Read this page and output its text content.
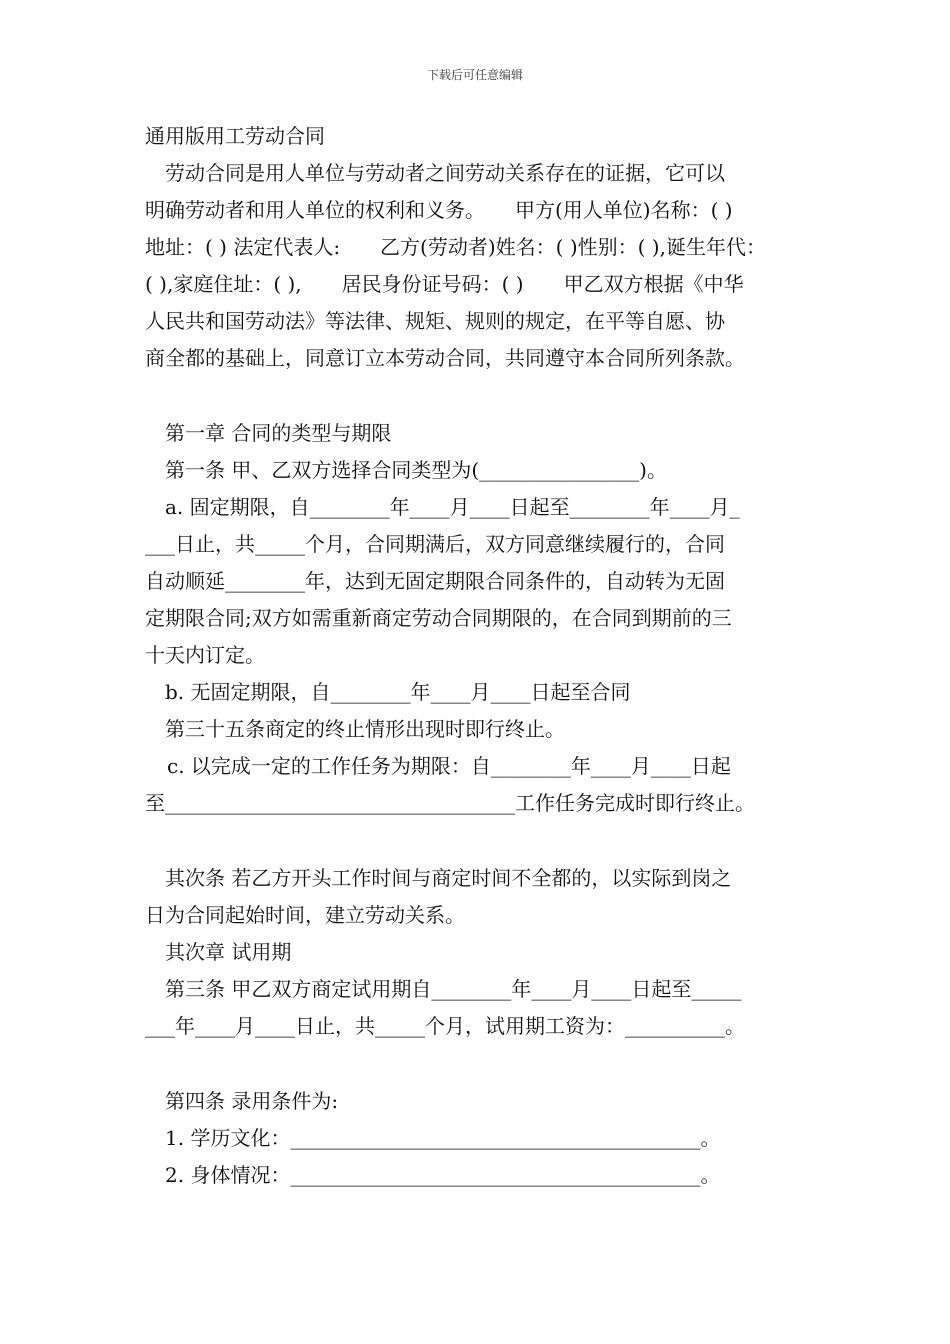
下载后可任意编辑
通用版用工劳动合同
劳动合同是用人单位与劳动者之间劳动关系存在的证据，它可以
明确劳动者和用人单位的权利和义务。　　甲方(用人单位)名称：( )
地址：( ) 法定代表人:　　乙方(劳动者)姓名：( )性别：( ),诞生年代：
( ),家庭住址：( ),　　居民身份证号码：( )　　甲乙双方根据《中华
人民共和国劳动法》等法律、规矩、规则的规定，在平等自愿、协
商全都的基础上，同意订立本劳动合同，共同遵守本合同所列条款。
第一章 合同的类型与期限
第一条 甲、乙双方选择合同类型为(________________)。
a. 固定期限，自________年____月____日起至________年____月_
___日止，共_____个月，合同期满后，双方同意继续履行的，合同
自动顺延________年，达到无固定期限合同条件的，自动转为无固
定期限合同;双方如需重新商定劳动合同期限的，在合同到期前的三
十天内订定。
b. 无固定期限，自________年____月____日起至合同
第三十五条商定的终止情形出现时即行终止。
c. 以完成一定的工作任务为期限：自________年____月____日起
至___________________________________工作任务完成时即行终止。
其次条 若乙方开头工作时间与商定时间不全都的，以实际到岗之
日为合同起始时间，建立劳动关系。
其次章 试用期
第三条 甲乙双方商定试用期自________年____月____日起至_____
___年____月____日止，共_____个月，试用期工资为：__________。
第四条 录用条件为:
1. 学历文化：_________________________________________。
2. 身体情况：_________________________________________。
